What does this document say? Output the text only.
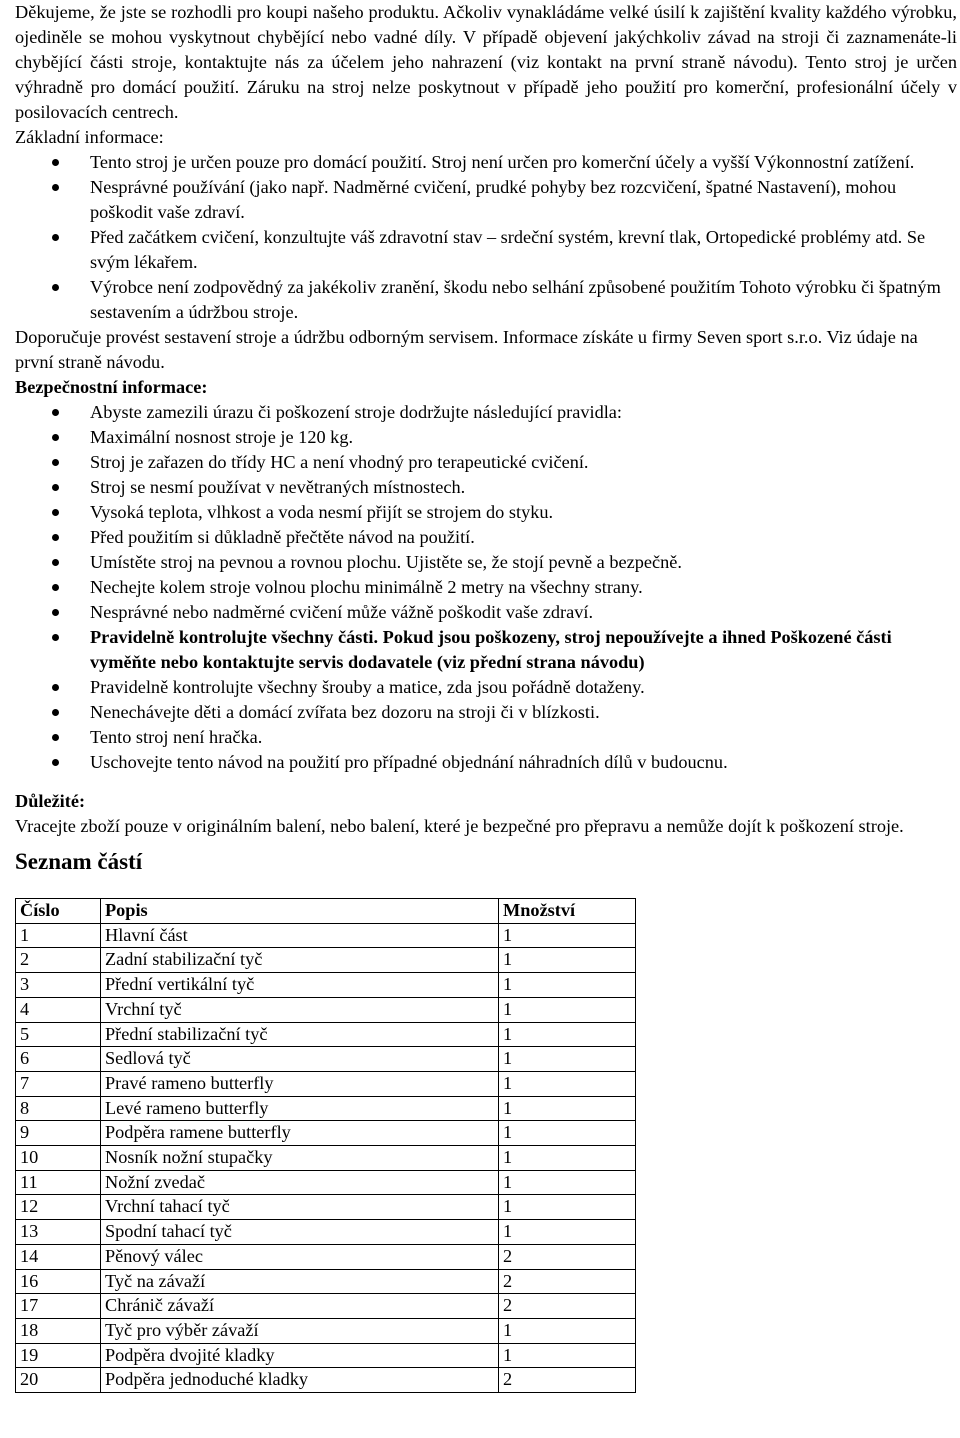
Děkujeme, že jste se rozhodli pro koupi našeho produktu. Ačkoliv vynakládáme velké úsilí k zajištění kvality každého výrobku, ojediněle se mohou vyskytnout chybějící nebo vadné díly. V případě objevení jakýchkoliv závad na stroji či zaznamenáte-li chybějící části stroje, kontaktujte nás za účelem jeho nahrazení (viz kontakt na první straně návodu). Tento stroj je určen výhradně pro domácí použití. Záruku na stroj nelze poskytnout v případě jeho použití pro komerční, profesionální účely v posilovacích centrech.

Základní informace:

Tento stroj je určen pouze pro domácí použití. Stroj není určen pro komerční účely a vyšší Výkonnostní zatížení.
Nesprávné používání (jako např. Nadměrné cvičení, prudké pohyby bez rozcvičení, špatné Nastavení), mohou poškodit vaše zdraví.
Před začátkem cvičení, konzultujte váš zdravotní stav – srdeční systém, krevní tlak, Ortopedické problémy atd. Se svým lékařem.
Výrobce není zodpovědný za jakékoliv zranění, škodu nebo selhání způsobené použitím Tohoto výrobku či špatným sestavením a údržbou stroje.

Doporučuje provést sestavení stroje a údržbu odborným servisem. Informace získáte u firmy Seven sport s.r.o. Viz údaje na první straně návodu.

Bezpečnostní informace:

Abyste zamezili úrazu či poškození stroje dodržujte následující pravidla:
Maximální nosnost stroje je 120 kg.
Stroj je zařazen do třídy HC a není vhodný pro terapeutické cvičení.
Stroj se nesmí používat v nevětraných místnostech.
Vysoká teplota, vlhkost a voda nesmí přijít se strojem do styku.
Před použitím si důkladně přečtěte návod na použití.
Umístěte stroj na pevnou a rovnou plochu. Ujistěte se, že stojí pevně a bezpečně.
Nechejte kolem stroje volnou plochu minimálně 2 metry na všechny strany.
Nesprávné nebo nadměrné cvičení může vážně poškodit vaše zdraví.
Pravidelně kontrolujte všechny části. Pokud jsou poškozeny, stroj nepoužívejte a ihned Poškozené části vyměňte nebo kontaktujte servis dodavatele (viz přední strana návodu)
Pravidelně kontrolujte všechny šrouby a matice, zda jsou pořádně dotaženy.
Nenechávejte děti a domácí zvířata bez dozoru na stroji či v blízkosti.
Tento stroj není hračka.
Uschovejte tento návod na použití pro případné objednání náhradních dílů v budoucnu.

Důležité:

Vracejte zboží pouze v originálním balení, nebo balení, které je bezpečné pro přepravu a nemůže dojít k poškození stroje.

Seznam částí

Číslo	Popis	Množství
1	Hlavní část	1
2	Zadní stabilizační tyč	1
3	Přední vertikální tyč	1
4	Vrchní tyč	1
5	Přední stabilizační tyč	1
6	Sedlová tyč	1
7	Pravé rameno butterfly	1
8	Levé rameno butterfly	1
9	Podpěra ramene butterfly	1
10	Nosník nožní stupačky	1
11	Nožní zvedač	1
12	Vrchní tahací tyč	1
13	Spodní tahací tyč	1
14	Pěnový válec	2
16	Tyč na závaží	2
17	Chránič závaží	2
18	Tyč pro výběr závaží	1
19	Podpěra dvojité kladky	1
20	Podpěra jednoduché kladky	2
